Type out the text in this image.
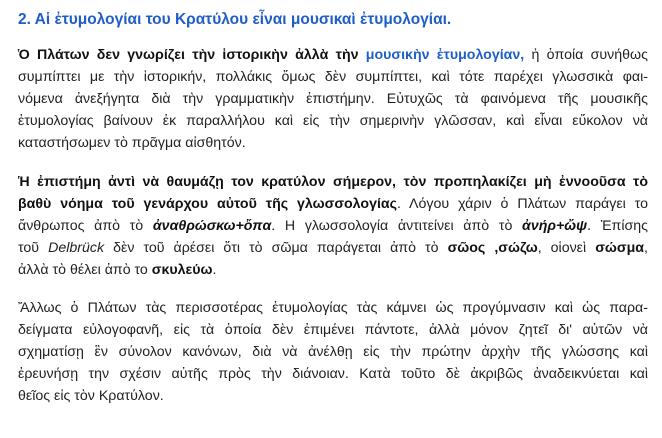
2. Αἱ ἐτυμολογίαι του Κρατύλου εἶναι μουσικαὶ ἐτυμολογίαι.
Ὁ Πλάτων δεν γνωρίζει τὴν ἱστορικὴν ἀλλὰ τὴν μουσικὴν ἐτυμολογίαν, ἡ ὁποία συνήθως
συμπίπτει με τὴν ἱστορικήν, πολλάκις ὅμως δὲν συμπίπτει, καὶ τότε παρέχει γλωσσικὰ φαι-
νόμενα ἀνεξήγητα διὰ τὴν γραμματικὴν ἐπιστήμην. Εὐτυχῶς τὰ φαινόμενα τῆς μουσικῆς
ἐτυμολογίας βαίνουν ἐκ παραλλήλου καὶ εἰς τὴν σημερινὴν γλῶσσαν, καὶ εἶναι εὔκολον νὰ
καταστήσωμεν τὸ πρᾶγμα αἰσθητόν.
Ἡ ἐπιστήμη ἀντὶ νὰ θαυμάζῃ τον κρατύλον σήμερον, τὸν προπηλακίζει μὴ ἐννοοῦσα τὸ
βαθὺ νόημα τοῦ γενάρχου αὐτοῦ τῆς γλωσσολογίας. Λόγου χάριν ὁ Πλάτων παράγει το
ἄνθρωπος ἀπὸ τὸ ἀναθρώσκω+ὄπα. Η γλωσσολογία ἀντιτείνει ἀπὸ τὸ ἀνήρ+ὤψ. Ἐπίσης
τοῦ Delbrück δὲν τοῦ ἀρέσει ὅτι τὸ σῶμα παράγεται ἀπὸ τὸ σῶος ,σώζω, οἱονεὶ σώσμα,
ἀλλὰ τὸ θέλει ἀπὸ το σκυλεύω.
Ἄλλως ὁ Πλάτων τὰς περισσοτέρας ἐτυμολογίας τὰς κάμνει ὡς προγύμνασιν καὶ ὡς παρα-
δείγματα εὐλογοφανῆ, εἰς τὰ ὁποία δὲν ἐπιμένει πάντοτε, ἀλλὰ μόνον ζητεῖ δι' αὐτῶν νὰ
σχηματίσῃ ἓν σύνολον κανόνων, διὰ νὰ ἀνέλθῃ εἰς τὴν πρώτην ἀρχὴν τῆς γλώσσης καὶ
ἐρευνήσῃ την σχέσιν αὐτῆς πρὸς τὴν διάνοιαν. Κατὰ τοῦτο δὲ ἀκριβῶς ἀναδεικνύεται καὶ
θεῖος εἰς τὸν Κρατύλον.
